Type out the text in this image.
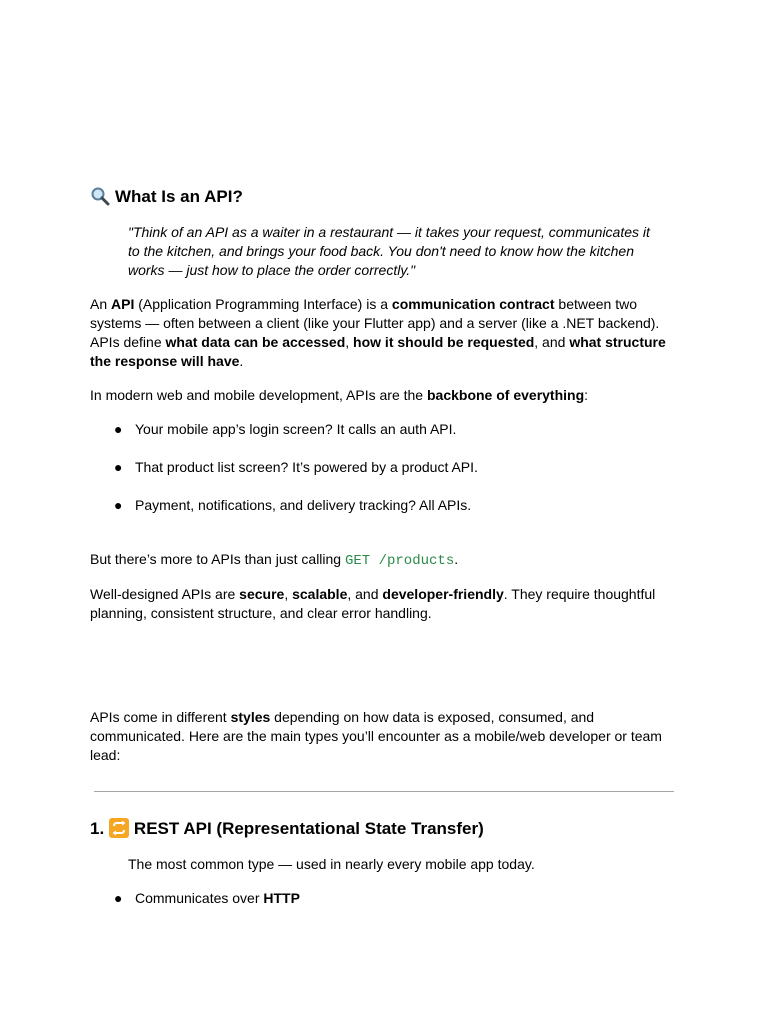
What Is an API?
"Think of an API as a waiter in a restaurant — it takes your request, communicates it to the kitchen, and brings your food back. You don't need to know how the kitchen works — just how to place the order correctly."
An API (Application Programming Interface) is a communication contract between two systems — often between a client (like your Flutter app) and a server (like a .NET backend). APIs define what data can be accessed, how it should be requested, and what structure the response will have.
In modern web and mobile development, APIs are the backbone of everything:
● Your mobile app’s login screen? It calls an auth API.
● That product list screen? It’s powered by a product API.
● Payment, notifications, and delivery tracking? All APIs.
But there’s more to APIs than just calling GET /products.
Well-designed APIs are secure, scalable, and developer-friendly. They require thoughtful planning, consistent structure, and clear error handling.
APIs come in different styles depending on how data is exposed, consumed, and communicated. Here are the main types you’ll encounter as a mobile/web developer or team lead:
1. REST API (Representational State Transfer)
The most common type — used in nearly every mobile app today.
● Communicates over HTTP
